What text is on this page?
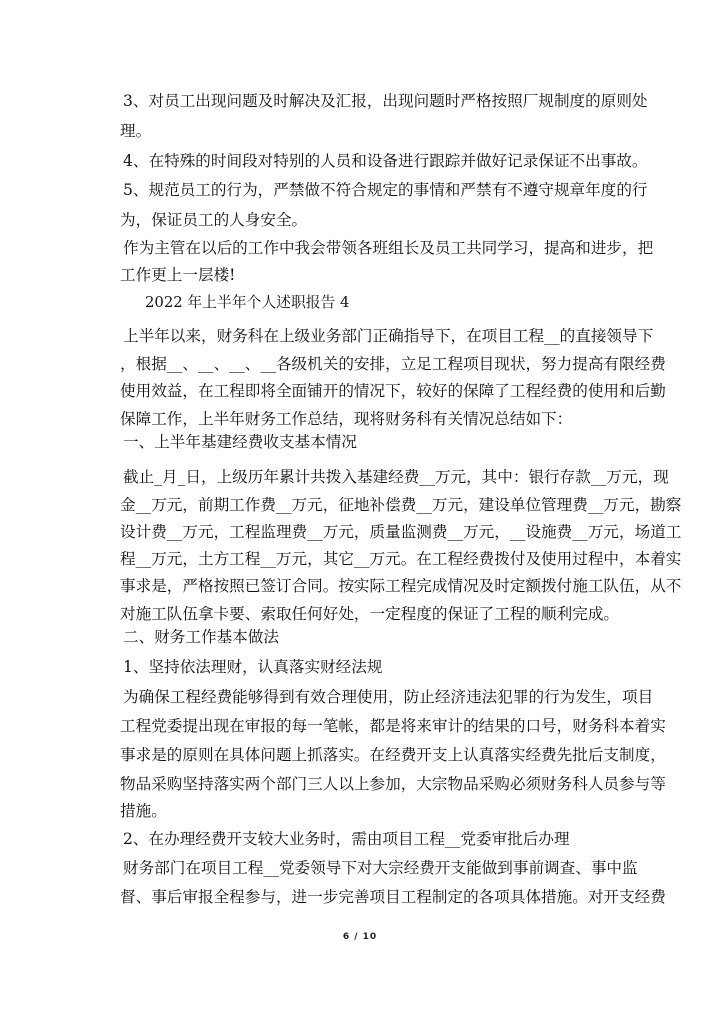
3、对员工出现问题及时解决及汇报，出现问题时严格按照厂规制度的原则处

理。

4、在特殊的时间段对特别的人员和设备进行跟踪并做好记录保证不出事故。

5、规范员工的行为，严禁做不符合规定的事情和严禁有不遵守规章年度的行

为，保证员工的人身安全。

作为主管在以后的工作中我会带领各班组长及员工共同学习，提高和进步，把

工作更上一层楼!

2022 年上半年个人述职报告 4

上半年以来，财务科在上级业务部门正确指导下，在项目工程__的直接领导下

，根据__、__、__、__各级机关的安排，立足工程项目现状，努力提高有限经费

使用效益，在工程即将全面铺开的情况下，较好的保障了工程经费的使用和后勤

保障工作，上半年财务工作总结，现将财务科有关情况总结如下：

一、上半年基建经费收支基本情况

截止_月_日，上级历年累计共拨入基建经费__万元，其中：银行存款__万元，现

金__万元，前期工作费__万元，征地补偿费__万元，建设单位管理费__万元，勘察

设计费__万元，工程监理费__万元，质量监测费__万元，__设施费__万元，场道工

程__万元，土方工程__万元，其它__万元。在工程经费拨付及使用过程中，本着实

事求是，严格按照已签订合同。按实际工程完成情况及时定额拨付施工队伍，从不

对施工队伍拿卡要、索取任何好处，一定程度的保证了工程的顺利完成。

二、财务工作基本做法

1、坚持依法理财，认真落实财经法规

为确保工程经费能够得到有效合理使用，防止经济违法犯罪的行为发生，项目

工程党委提出现在审报的每一笔帐，都是将来审计的结果的口号，财务科本着实

事求是的原则在具体问题上抓落实。在经费开支上认真落实经费先批后支制度，

物品采购坚持落实两个部门三人以上参加，大宗物品采购必须财务科人员参与等

措施。

2、在办理经费开支较大业务时，需由项目工程__党委审批后办理

财务部门在项目工程__党委领导下对大宗经费开支能做到事前调查、事中监

督、事后审报全程参与，进一步完善项目工程制定的各项具体措施。对开支经费

6 / 10
